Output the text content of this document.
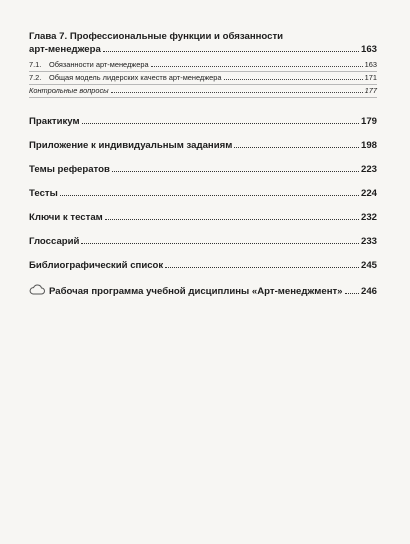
Глава 7. Профессиональные функции и обязанности
арт-менеджера	163
7.1.	Обязанности арт-менеджера	163
7.2.	Общая модель лидерских качеств арт-менеджера	171
Контрольные вопросы	177
Практикум	179
Приложение к индивидуальным заданиям	198
Темы рефератов	223
Тесты	224
Ключи к тестам	232
Глоссарий	233
Библиографический список	245
Рабочая программа учебной дисциплины «Арт-менеджмент» 246
